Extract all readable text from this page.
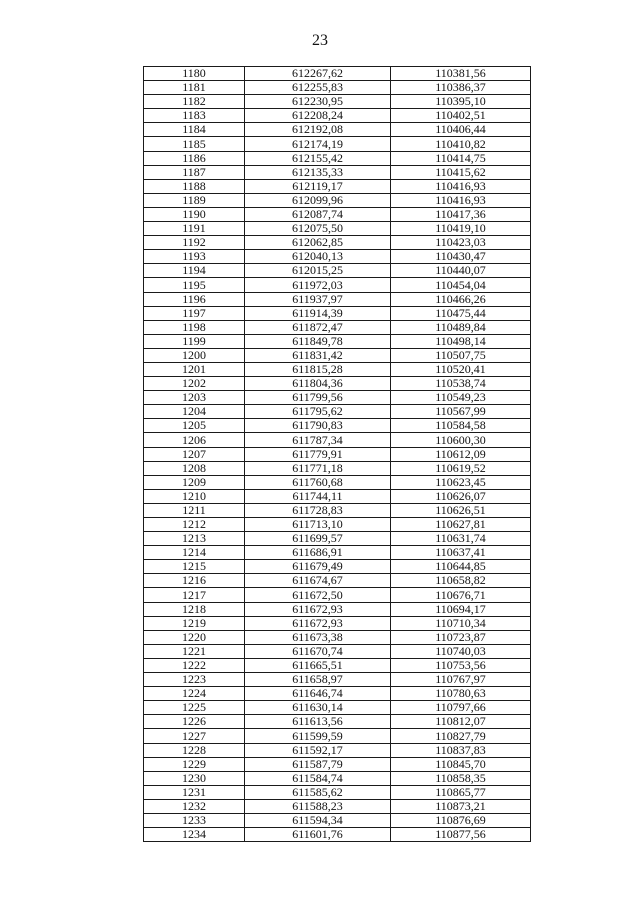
23
1180	612267,62	110381,56
1181	612255,83	110386,37
1182	612230,95	110395,10
1183	612208,24	110402,51
1184	612192,08	110406,44
1185	612174,19	110410,82
1186	612155,42	110414,75
1187	612135,33	110415,62
1188	612119,17	110416,93
1189	612099,96	110416,93
1190	612087,74	110417,36
1191	612075,50	110419,10
1192	612062,85	110423,03
1193	612040,13	110430,47
1194	612015,25	110440,07
1195	611972,03	110454,04
1196	611937,97	110466,26
1197	611914,39	110475,44
1198	611872,47	110489,84
1199	611849,78	110498,14
1200	611831,42	110507,75
1201	611815,28	110520,41
1202	611804,36	110538,74
1203	611799,56	110549,23
1204	611795,62	110567,99
1205	611790,83	110584,58
1206	611787,34	110600,30
1207	611779,91	110612,09
1208	611771,18	110619,52
1209	611760,68	110623,45
1210	611744,11	110626,07
1211	611728,83	110626,51
1212	611713,10	110627,81
1213	611699,57	110631,74
1214	611686,91	110637,41
1215	611679,49	110644,85
1216	611674,67	110658,82
1217	611672,50	110676,71
1218	611672,93	110694,17
1219	611672,93	110710,34
1220	611673,38	110723,87
1221	611670,74	110740,03
1222	611665,51	110753,56
1223	611658,97	110767,97
1224	611646,74	110780,63
1225	611630,14	110797,66
1226	611613,56	110812,07
1227	611599,59	110827,79
1228	611592,17	110837,83
1229	611587,79	110845,70
1230	611584,74	110858,35
1231	611585,62	110865,77
1232	611588,23	110873,21
1233	611594,34	110876,69
1234	611601,76	110877,56
